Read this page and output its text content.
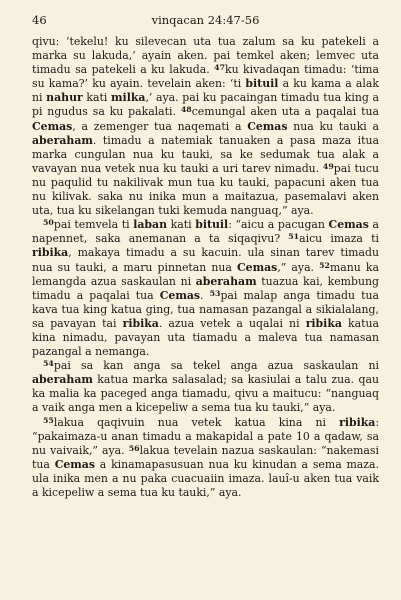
46	vinqacan 24:47-56

qivu: ‘tekelu! ku silevecan uta tua zalum sa ku patekeli a marka su lakuda,’ ayain aken. pai temkel aken; lemvec uta timadu sa patekeli a ku lakuda. $^{47}$ku kivadaqan timadu: ‘tima su kama?’ ku ayain. tevelain aken: ‘ti bituil a ku kama a alak ni nahur kati milka,’ aya. pai ku pacaingan timadu tua king a pi ngudus sa ku pakalati. $^{48}$cemungal aken uta a paqalai tua Cemas, a zemenger tua naqemati a Cemas nua ku tauki a aberaham. timadu a natemiak tanuaken a pasa maza itua marka cungulan nua ku tauki, sa ke sedumak tua alak a vavayan nua vetek nua ku tauki a uri tarev nimadu. $^{49}$pai tucu nu paqulid tu nakilivak mun tua ku tauki, papacuni aken tua nu kilivak. saka nu inika mun a maitazua, pasemalavi aken uta, tua ku sikelangan tuki kemuda nanguaq,” aya.

$^{50}$pai temvela ti laban kati bituil: “aicu a pacugan Cemas a napennet, saka anemanan a ta siqaqivu? $^{51}$aicu imaza ti ribika, makaya timadu a su kacuin. ula sinan tarev timadu nua su tauki, a maru pinnetan nua Cemas,” aya. $^{52}$manu ka lemangda azua saskaulan ni aberaham tuazua kai, kembung timadu a paqalai tua Cemas. $^{53}$pai malap anga timadu tua kava tua king katua ging, tua namasan pazangal a sikialalang, sa pavayan tai ribika. azua vetek a uqalai ni ribika katua kina nimadu, pavayan uta tiamadu a maleva tua namasan pazangal a nemanga.

$^{54}$pai sa kan anga sa tekel anga azua saskaulan ni aberaham katua marka salasalad; sa kasiulai a talu zua. qau ka malia ka paceged anga tiamadu, qivu a maitucu: “nanguaq a vaik anga men a kicepeliw a sema tua ku tauki,” aya.

$^{55}$lakua qaqivuin nua vetek katua kina ni ribika: “pakaimaza-u anan timadu a makapidal a pate 10 a qadaw, sa nu vaivaik,” aya. $^{56}$lakua tevelain nazua saskaulan: “nakemasi tua Cemas a kinamapasusuan nua ku kinudan a sema maza. ula inika men a nu paka cuacuaiin imaza. lauî-u aken tua vaik a kicepeliw a sema tua ku tauki,” aya.
